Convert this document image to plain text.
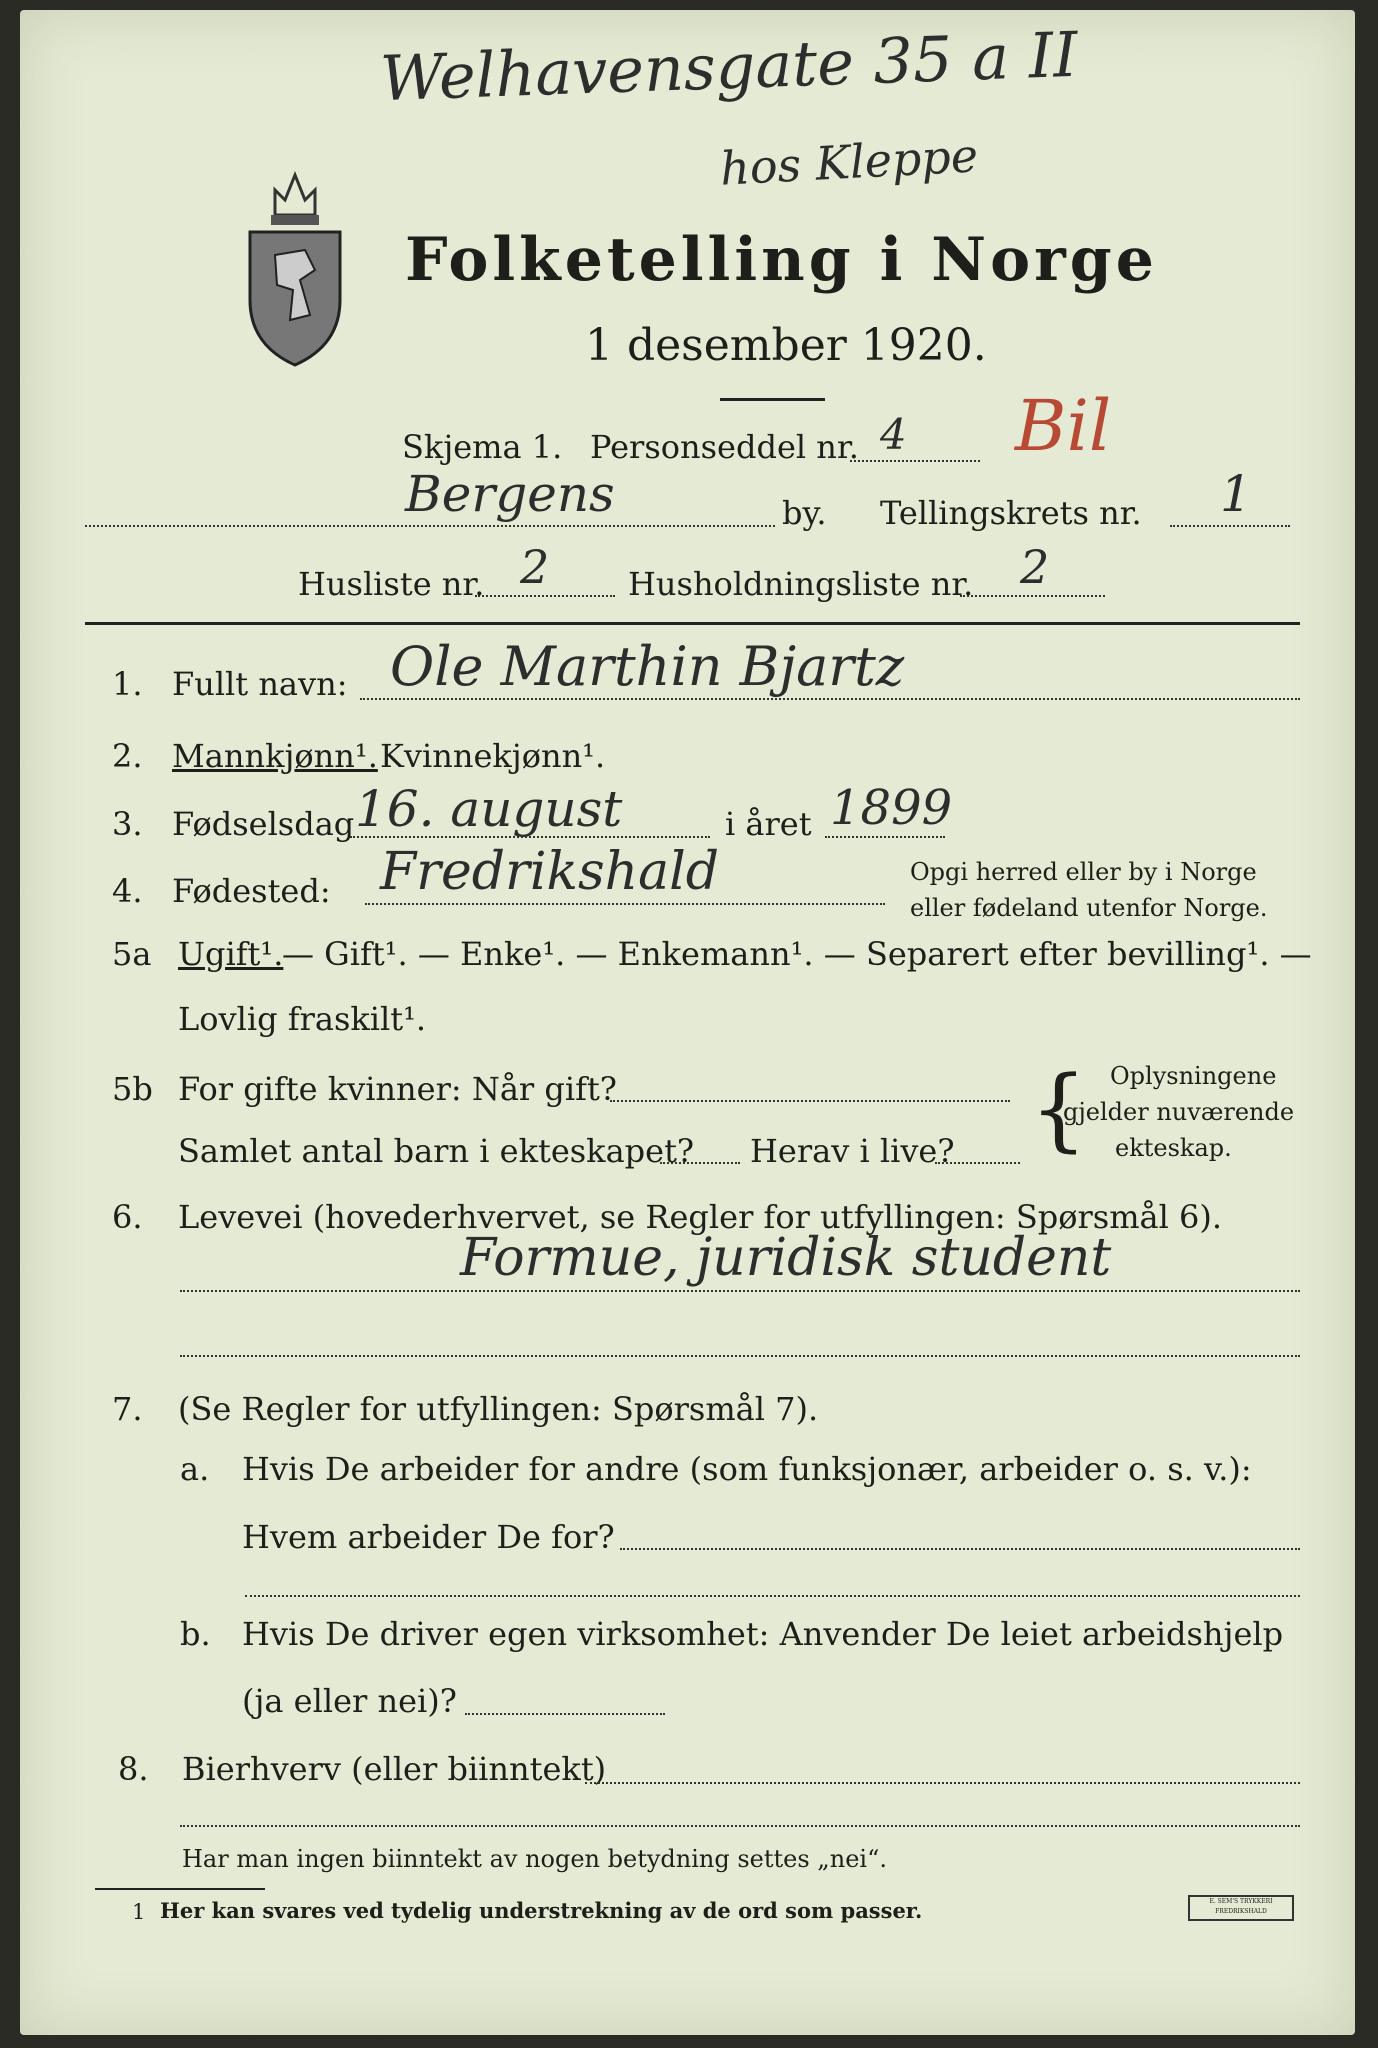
Welhavensgate 35 a II
hos Kleppe
Folketelling i Norge
1 desember 1920.
Skjema 1. Personseddel nr. 4 Bil
Bergens	by. Tellingskrets nr. 1
Husliste nr. 2 Husholdningsliste nr. 2
1. Fullt navn: Ole Marthin Bjartz
2. Mannkjønn¹. Kvinnekjønn¹.
3. Fødselsdag 16. august	i året 1899
4. Fødested: Fredrikshald	Opgi herred eller by i Norge
eller fødeland utenfor Norge.
5a Ugift¹.
— Gift¹. — Enke¹. — Enkemann¹. — Separert efter bevilling¹. —
Lovlig fraskilt¹.
5b For gifte kvinner: Når gift?
Samlet antal barn i ekteskapet? Herav i live? { Oplysningene
gjelder nuværende
ekteskap.
6. Levevei (hovederhvervet, se Regler for utfyllingen: Spørsmål 6).
Formue, juridisk student
7. (Se Regler for utfyllingen: Spørsmål 7).
a. Hvis De arbeider for andre (som funksjonær, arbeider o. s. v.):
Hvem arbeider De for?
b. Hvis De driver egen virksomhet: Anvender De leiet arbeidshjelp
(ja eller nei)?
8. Bierhverv (eller biinntekt)
Har man ingen biinntekt av nogen betydning settes „nei“.
1 Her kan svares ved tydelig understrekning av de ord som passer.	E. SEM'S TRYKKERI FREDRIKSHALD
